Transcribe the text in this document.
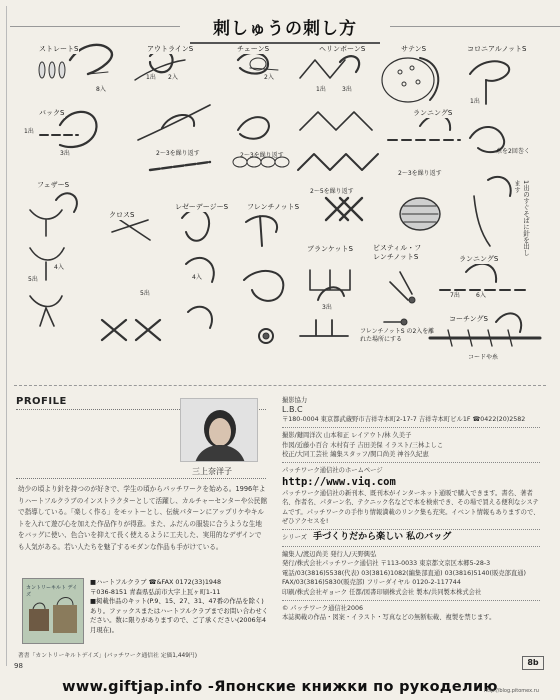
刺しゅうの刺し方
ストレートS	アウトラインS	チェーンS	ヘリンボーンS	サテンS	コロニアルノットS
バックS	ランニングS
フェザーS
クロスS
レゼーデージーS	フレンチノットS
ブランケットS	ビスティル・フレンチノットS	ランニングS
コーチングS
2〜3を繰り返す	2〜3を繰り返す
2〜5を繰り返す
2〜3を繰り返す
糸を2回巻く
フレンチノットS の2入を離れた場所にする
コードや糸
1出のすぐそばに針を出します
1出
3出
8入
1出 2入	2入
1出	3出
1出
5出
4入
4入
5出
3出
6入
7出
PROFILE
三上奈洋子
幼少の頃より針を持つのが好きで、学生の頃からパッチワークを始める。1996年よりハートフルクラブのインストラクターとして活躍し、カルチャーセンターや公民館で指導している。「楽しく作る」をモットーとし、伝統パターンにアップリケやキルトを入れて遊び心を加えた作品作りが得意。また、ふだんの服装に合うような生地をバッグに使い、色合いを抑えて長く使えるように工夫した、実用的なデザインでも人気がある。若い人たちを魅了するモダンな作品も手がけている。
カントリーキルト デイズ
■ハートフルクラブ ☎&FAX 0172(33)1948
〒036-8151 青森県弘前市大字上瓦ヶ町1-11
■掲載作品のキット(P.9、15、27、31、47番の作品を除く)あり。ファックスまたはハートフルクラブまでお問い合わせください。数に限りがありますので、ご了承ください(2006年4月現在)。
著書「カントリーキルトデイズ」(パッチワーク通信社 定価1,449円)
撮影協力
L.B.C
〒180-0004 東京都武蔵野市吉祥寺本町2-17-7 吉祥寺本町ビル1F ☎0422(20)2582
撮影/鍵岡洋次 山本和正 レイアウト/林 久美子
作図/近藤小百合 木村有子 吉田美保 イラスト/三林よしこ
校正/大同工芸社 編集スタッフ/関口尚美 神谷久紀恵
パッチワーク通信社のホームページ
http://www.viq.com
パッチワーク通信社の新刊本、既刊本がインターネット通販で購入できます。書名、著者名、作者名、パターン名、テクニック名などで本を検索でき、その場で買える便利なシステムです。パッチワークの手作り情報満載のリンク集も充実。イベント情報もありますので、ぜひアクセスを!
シリーズ　 手づくりだから楽しい 私のバッグ
編集人/渡辺尚美 発行人/天野興弘
発行/株式会社パッチワーク通信社 〒113-0033 東京都文京区本郷5-28-3
電話/03(3816)5538(代表) 03(3816)1082(編集部直通) 03(3816)5140(販売部直通)
FAX/03(3816)5830(販売部) フリーダイヤル 0120-2-117744
印刷/株式会社ギョーク 任都/図書印刷株式会社 製本/共同製本株式会社
© パッチワーク通信社2006
本誌掲載の作品・図案・イラスト・写真などの無断転載、複製を禁じます。
98	8b
www.giftjap.info -Японские книжки по рукоделию
http://blog.pitomex.ru
